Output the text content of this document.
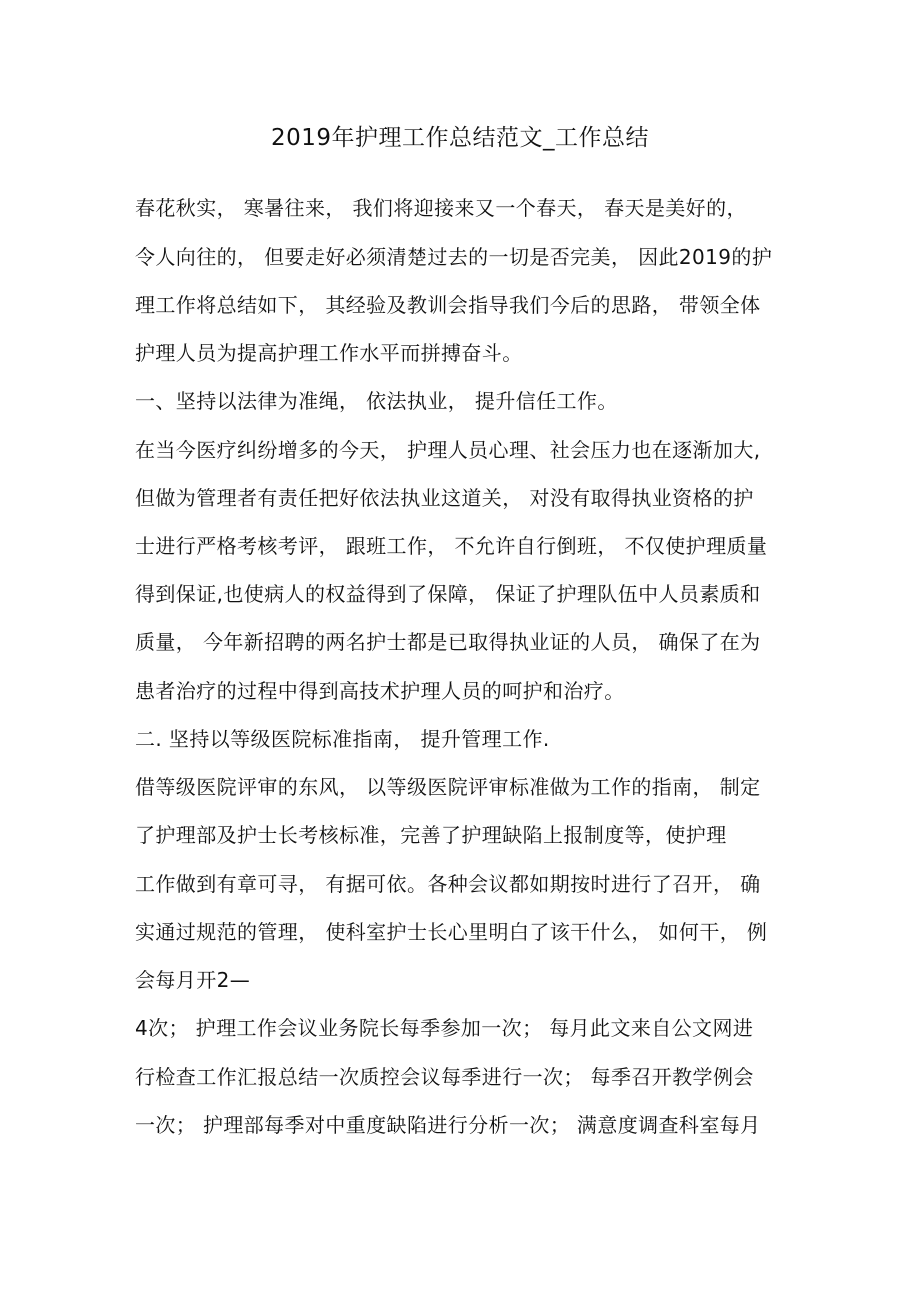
2019年护理工作总结范文_工作总结
春花秋实， 寒暑往来， 我们将迎接来又一个春天， 春天是美好的，
令人向往的， 但要走好必须清楚过去的一切是否完美， 因此2019的护
理工作将总结如下， 其经验及教训会指导我们今后的思路， 带领全体
护理人员为提高护理工作水平而拼搏奋斗。
一、坚持以法律为准绳， 依法执业， 提升信任工作。
在当今医疗纠纷增多的今天， 护理人员心理、社会压力也在逐渐加大,
但做为管理者有责任把好依法执业这道关， 对没有取得执业资格的护
士进行严格考核考评， 跟班工作， 不允许自行倒班， 不仅使护理质量
得到保证,也使病人的权益得到了保障， 保证了护理队伍中人员素质和
质量， 今年新招聘的两名护士都是已取得执业证的人员， 确保了在为
患者治疗的过程中得到高技术护理人员的呵护和治疗。
二. 坚持以等级医院标准指南， 提升管理工作.
借等级医院评审的东风， 以等级医院评审标准做为工作的指南， 制定
了护理部及护士长考核标准，完善了护理缺陷上报制度等，使护理
工作做到有章可寻， 有据可依。各种会议都如期按时进行了召开， 确
实通过规范的管理， 使科室护士长心里明白了该干什么， 如何干， 例
会每月开2—
4次； 护理工作会议业务院长每季参加一次； 每月此文来自公文网进
行检查工作汇报总结一次质控会议每季进行一次； 每季召开教学例会
一次； 护理部每季对中重度缺陷进行分析一次； 满意度调查科室每月
